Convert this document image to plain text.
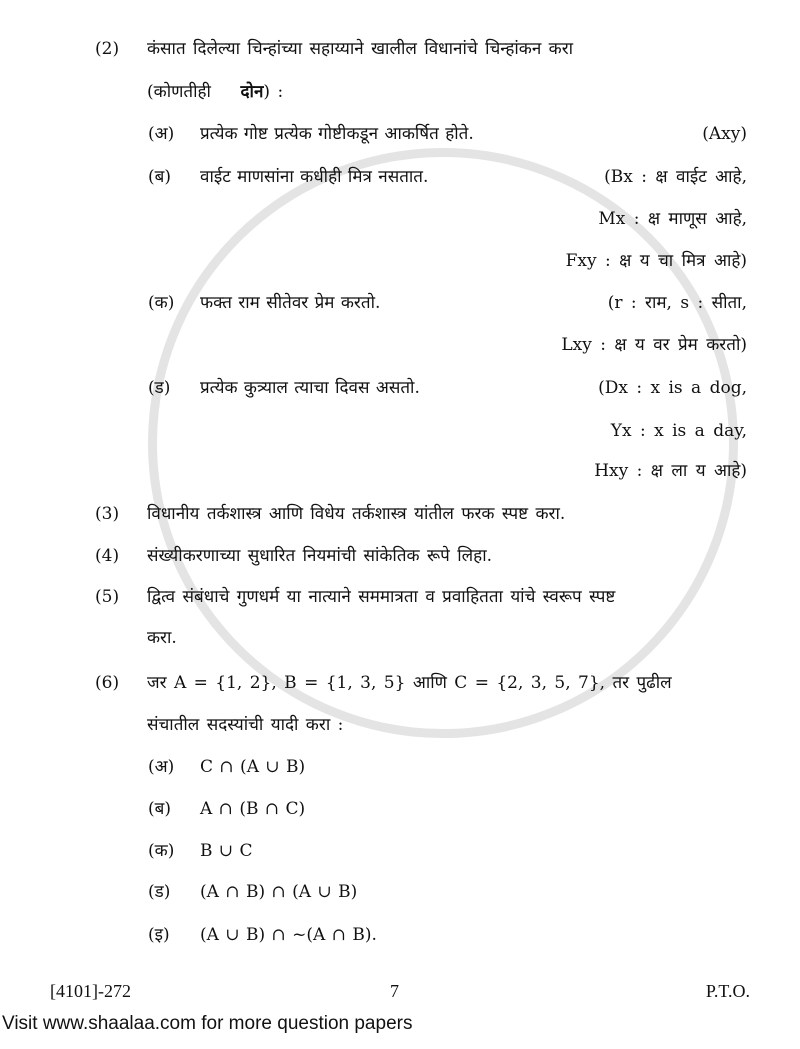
(2) कंसात दिलेल्या चिन्हांच्या सहाय्याने खालील विधानांचे चिन्हांकन करा
(कोणतीही दोन) :
(अ)	प्रत्येक गोष्ट प्रत्येक गोष्टीकडून आकर्षित होते.	(Axy)
(ब)	वाईट माणसांना कधीही मित्र नसतात.	(Bx : क्ष वाईट आहे,
Mx : क्ष माणूस आहे,
Fxy : क्ष य चा मित्र आहे)
(क)	फक्त राम सीतेवर प्रेम करतो.	(r : राम, s : सीता,
Lxy : क्ष य वर प्रेम करतो)
(ड)	प्रत्येक कुत्र्याल त्याचा दिवस असतो.	(Dx : x is a dog,
Yx : x is a day,
Hxy : क्ष ला य आहे)
(3) विधानीय तर्कशास्त्र आणि विधेय तर्कशास्त्र यांतील फरक स्पष्ट करा.
(4) संख्यीकरणाच्या सुधारित नियमांची सांकेतिक रूपे लिहा.
(5) द्वित्व संबंधाचे गुणधर्म या नात्याने सममात्रता व प्रवाहितता यांचे स्वरूप स्पष्ट
करा.
(6) जर A = {1, 2}, B = {1, 3, 5} आणि C = {2, 3, 5, 7}, तर पुढील
संचातील सदस्यांची यादी करा :
(अ)	C ∩ (A ∪ B)
(ब)	A ∩ (B ∩ C)
(क)	B ∪ C
(ड)	(A ∩ B) ∩ (A ∪ B)
(इ)	(A ∪ B) ∩ ~(A ∩ B).
[4101]-272	7	P.T.O.
Visit www.shaalaa.com for more question papers
